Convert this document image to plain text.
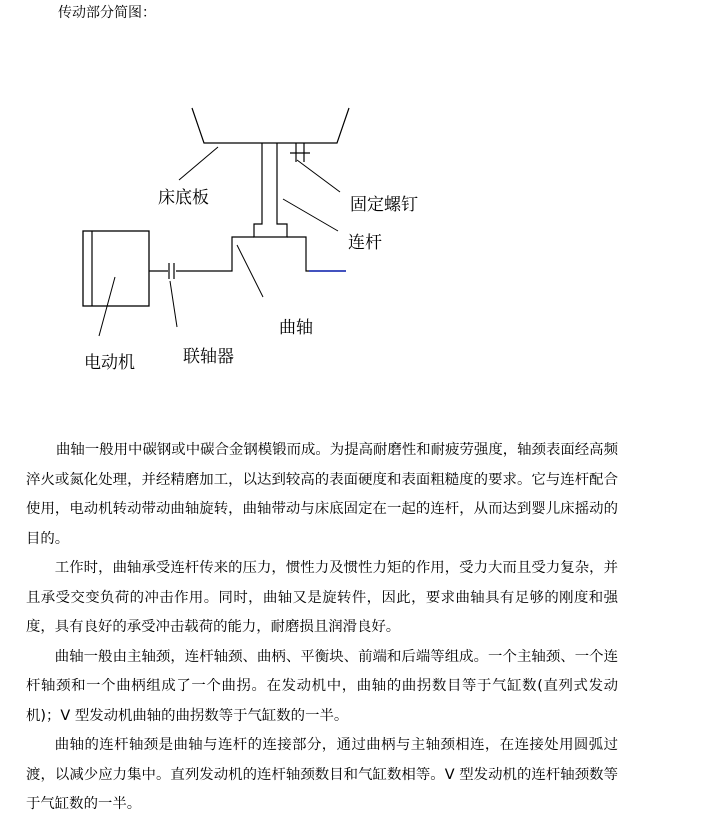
传动部分简图：
床底板	固定螺钉
连杆
曲轴
电动机	联轴器

曲轴一般用中碳钢或中碳合金钢模锻而成。为提高耐磨性和耐疲劳强度，轴颈表面经高频淬火或氮化处理，并经精磨加工，以达到较高的表面硬度和表面粗糙度的要求。它与连杆配合使用，电动机转动带动曲轴旋转，曲轴带动与床底固定在一起的连杆，从而达到婴儿床摇动的目的。

工作时，曲轴承受连杆传来的压力，惯性力及惯性力矩的作用，受力大而且受力复杂，并且承受交变负荷的冲击作用。同时，曲轴又是旋转件，因此，要求曲轴具有足够的刚度和强度，具有良好的承受冲击载荷的能力，耐磨损且润滑良好。

曲轴一般由主轴颈，连杆轴颈、曲柄、平衡块、前端和后端等组成。一个主轴颈、一个连杆轴颈和一个曲柄组成了一个曲拐。在发动机中，曲轴的曲拐数目等于气缸数(直列式发动机)；V 型发动机曲轴的曲拐数等于气缸数的一半。

曲轴的连杆轴颈是曲轴与连杆的连接部分，通过曲柄与主轴颈相连，在连接处用圆弧过渡，以减少应力集中。直列发动机的连杆轴颈数目和气缸数相等。V 型发动机的连杆轴颈数等于气缸数的一半。
